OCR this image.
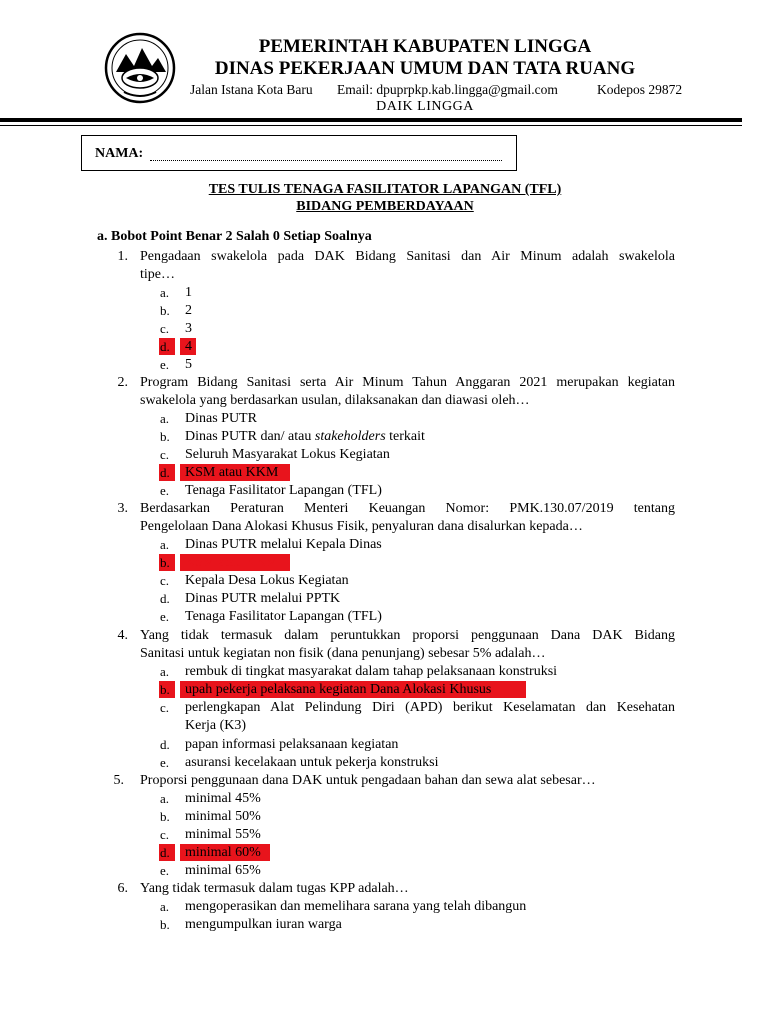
PEMERINTAH KABUPATEN LINGGA
DINAS PEKERJAAN UMUM DAN TATA RUANG
Jalan Istana Kota Baru Email: dpuprpkp.kab.lingga@gmail.com	Kodepos 29872
DAIK LINGGA
NAMA:
TES TULIS TENAGA FASILITATOR LAPANGAN (TFL)
BIDANG PEMBERDAYAAN
a. Bobot Point Benar 2 Salah 0 Setiap Soalnya
1. Pengadaan swakelola pada DAK Bidang Sanitasi dan Air Minum adalah swakelola
tipe…
a.	1
b.	2
c.	3
d.	4
e.	5
2. Program Bidang Sanitasi serta Air Minum Tahun Anggaran 2021 merupakan kegiatan
swakelola yang berdasarkan usulan, dilaksanakan dan diawasi oleh…
a.	Dinas PUTR
b.	Dinas PUTR dan/ atau stakeholders terkait
c.	Seluruh Masyarakat Lokus Kegiatan
d.	KSM atau KKM
e.	Tenaga Fasilitator Lapangan (TFL)
3. Berdasarkan Peraturan Menteri Keuangan Nomor: PMK.130.07/2019 tentang
Pengelolaan Dana Alokasi Khusus Fisik, penyaluran dana disalurkan kepada…
a.	Dinas PUTR melalui Kepala Dinas
b.	KSM atau KKM
c.	Kepala Desa Lokus Kegiatan
d.	Dinas PUTR melalui PPTK
e.	Tenaga Fasilitator Lapangan (TFL)
4. Yang tidak termasuk dalam peruntukkan proporsi penggunaan Dana DAK Bidang
Sanitasi untuk kegiatan non fisik (dana penunjang) sebesar 5% adalah…
a.	rembuk di tingkat masyarakat dalam tahap pelaksanaan konstruksi
b.	upah pekerja pelaksana kegiatan Dana Alokasi Khusus
c.	perlengkapan Alat Pelindung Diri (APD) berikut Keselamatan dan Kesehatan
Kerja (K3)
d.	papan informasi pelaksanaan kegiatan
e.	asuransi kecelakaan untuk pekerja konstruksi
5. Proporsi penggunaan dana DAK untuk pengadaan bahan dan sewa alat sebesar…
a.	minimal 45%
b.	minimal 50%
c.	minimal 55%
d.	minimal 60%
e.	minimal 65%
6. Yang tidak termasuk dalam tugas KPP adalah…
a.	mengoperasikan dan memelihara sarana yang telah dibangun
b.	mengumpulkan iuran warga
